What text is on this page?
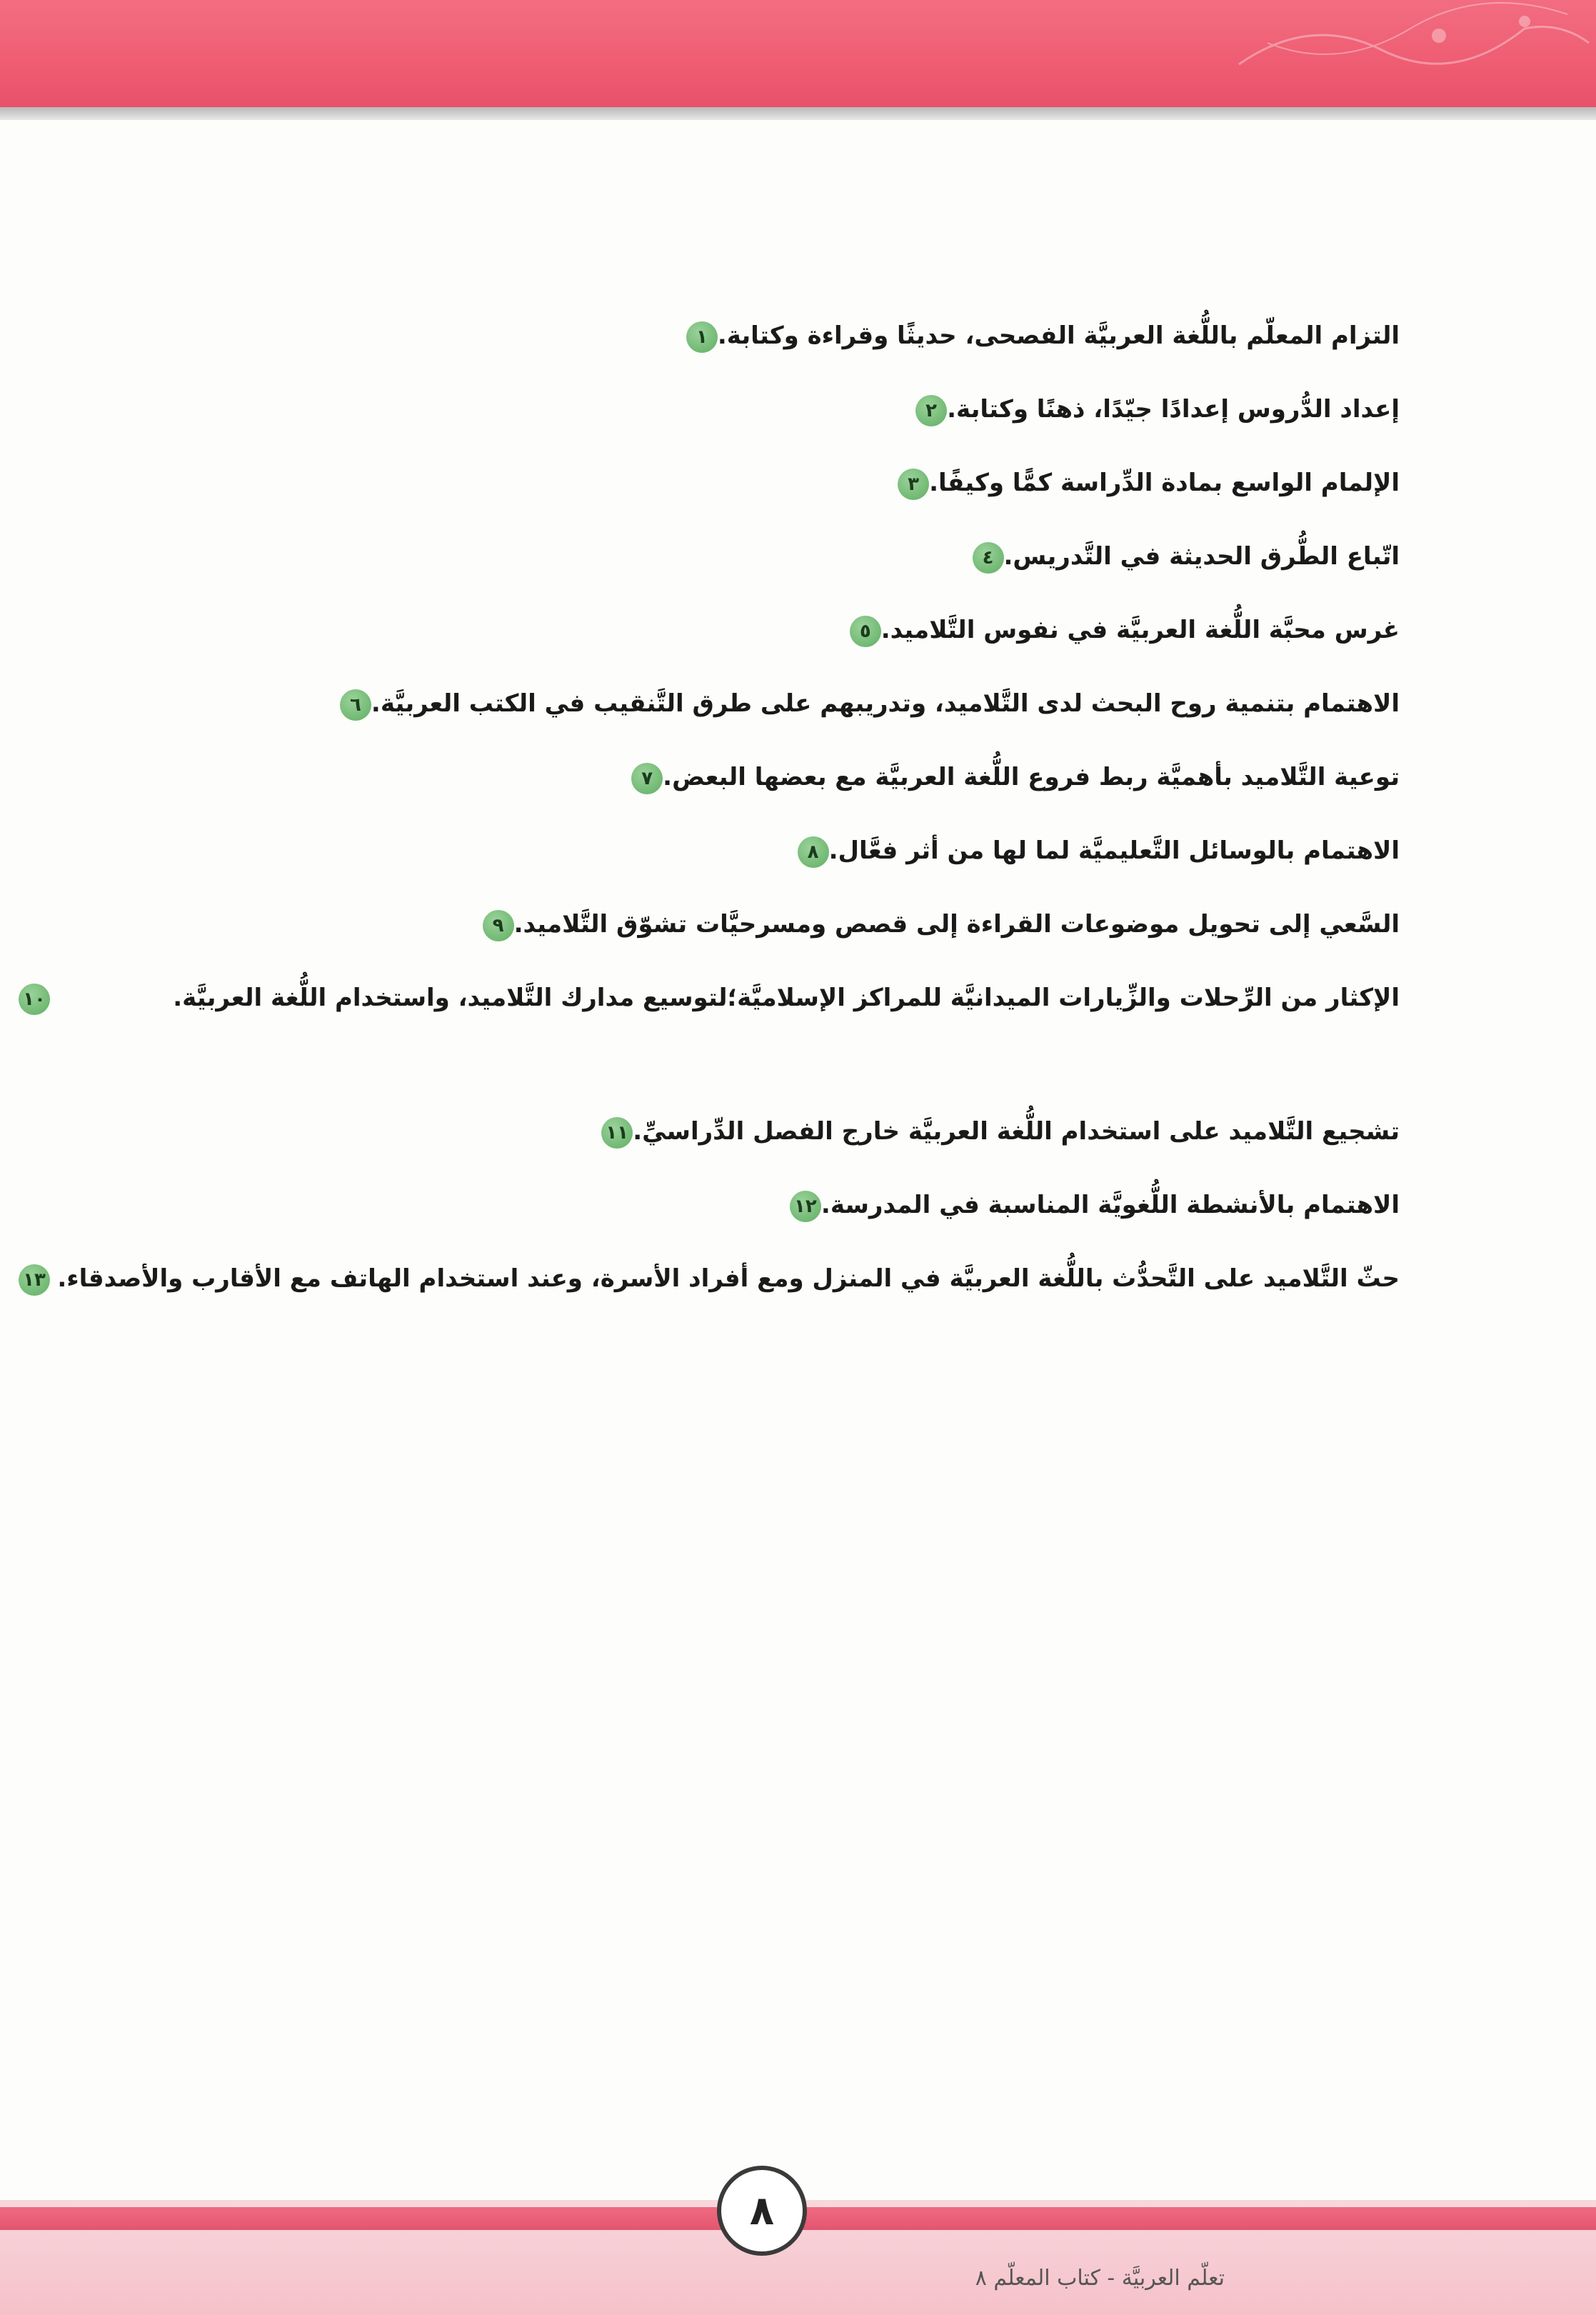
١ التزام المعلّم باللُّغة العربيَّة الفصحى، حديثًا وقراءة وكتابة.
٢ إعداد الدُّروس إعدادًا جيّدًا، ذهنًا وكتابة.
٣ الإلمام الواسع بمادة الدِّراسة كمًّا وكيفًا.
٤ اتّباع الطُّرق الحديثة في التَّدريس.
٥ غرس محبَّة اللُّغة العربيَّة في نفوس التَّلاميد.
٦ الاهتمام بتنمية روح البحث لدى التَّلاميد، وتدريبهم على طرق التَّنقيب في الكتب العربيَّة.
٧ توعية التَّلاميد بأهميَّة ربط فروع اللُّغة العربيَّة مع بعضها البعض.
٨ الاهتمام بالوسائل التَّعليميَّة لما لها من أثر فعَّال.
٩ السَّعي إلى تحويل موضوعات القراءة إلى قصص ومسرحيَّات تشوّق التَّلاميد.
١٠	الإكثار من الرِّحلات والزِّيارات الميدانيَّة للمراكز الإسلاميَّة؛لتوسيع مدارك التَّلاميد، واستخدام اللُّغة العربيَّة.
١١ تشجيع التَّلاميد على استخدام اللُّغة العربيَّة خارج الفصل الدِّراسيِّ.
١٢ الاهتمام بالأنشطة اللُّغويَّة المناسبة في المدرسة.
١٣ حثّ التَّلاميد على التَّحدُّث باللُّغة العربيَّة في المنزل ومع أفراد الأسرة، وعند استخدام الهاتف مع الأقارب والأصدقاء.
٨
تعلّم العربيَّة - كتاب المعلّم ٨
